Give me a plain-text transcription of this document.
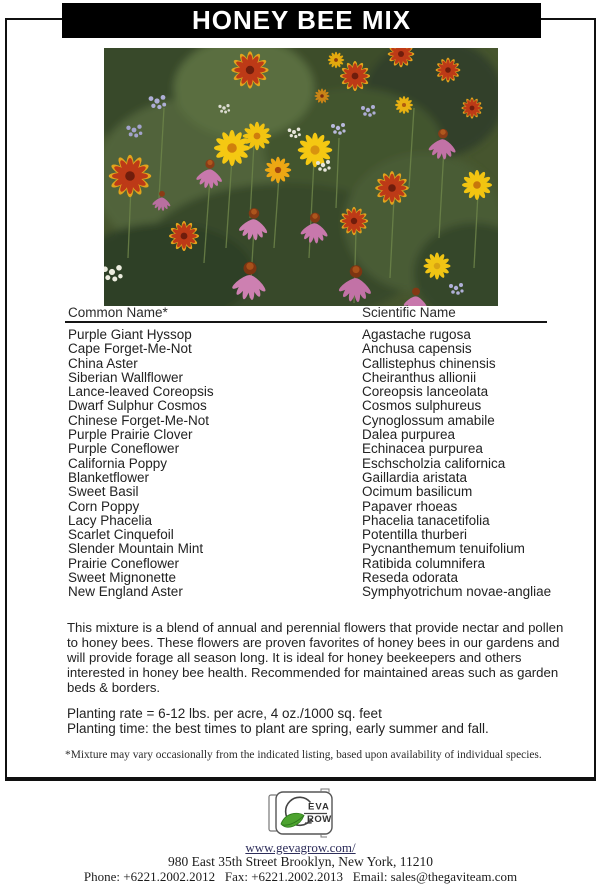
HONEY BEE MIX
Common Name*	Scientific Name
Purple Giant Hyssop	Agastache rugosa
Cape Forget-Me-Not	Anchusa capensis
China Aster	Callistephus chinensis
Siberian Wallflower	Cheiranthus allionii
Lance-leaved Coreopsis	Coreopsis lanceolata
Dwarf Sulphur Cosmos	Cosmos sulphureus
Chinese Forget-Me-Not	Cynoglossum amabile
Purple Prairie Clover	Dalea purpurea
Purple Coneflower	Echinacea purpurea
California Poppy	Eschscholzia californica
Blanketflower	Gaillardia aristata
Sweet Basil	Ocimum basilicum
Corn Poppy	Papaver rhoeas
Lacy Phacelia	Phacelia tanacetifolia
Scarlet Cinquefoil	Potentilla thurberi
Slender Mountain Mint	Pycnanthemum tenuifolium
Prairie Coneflower	Ratibida columnifera
Sweet Mignonette	Reseda odorata
New England Aster	Symphyotrichum novae-angliae
This mixture is a blend of annual and perennial flowers that provide nectar and pollen to honey bees. These flowers are proven favorites of honey bees in our gardens and will provide forage all season long. It is ideal for honey beekeepers and others interested in honey bee health. Recommended for maintained areas such as garden beds & borders.
Planting rate = 6-12 lbs. per acre, 4 oz./1000 sq. feet
Planting time: the best times to plant are spring, early summer and fall.
*Mixture may vary occasionally from the indicated listing, based upon availability of individual species.
EVA
ROW
www.gevagrow.com/
980 East 35th Street Brooklyn, New York, 11210
Phone: +6221.2002.2012   Fax: +6221.2002.2013   Email: sales@thegaviteam.com
